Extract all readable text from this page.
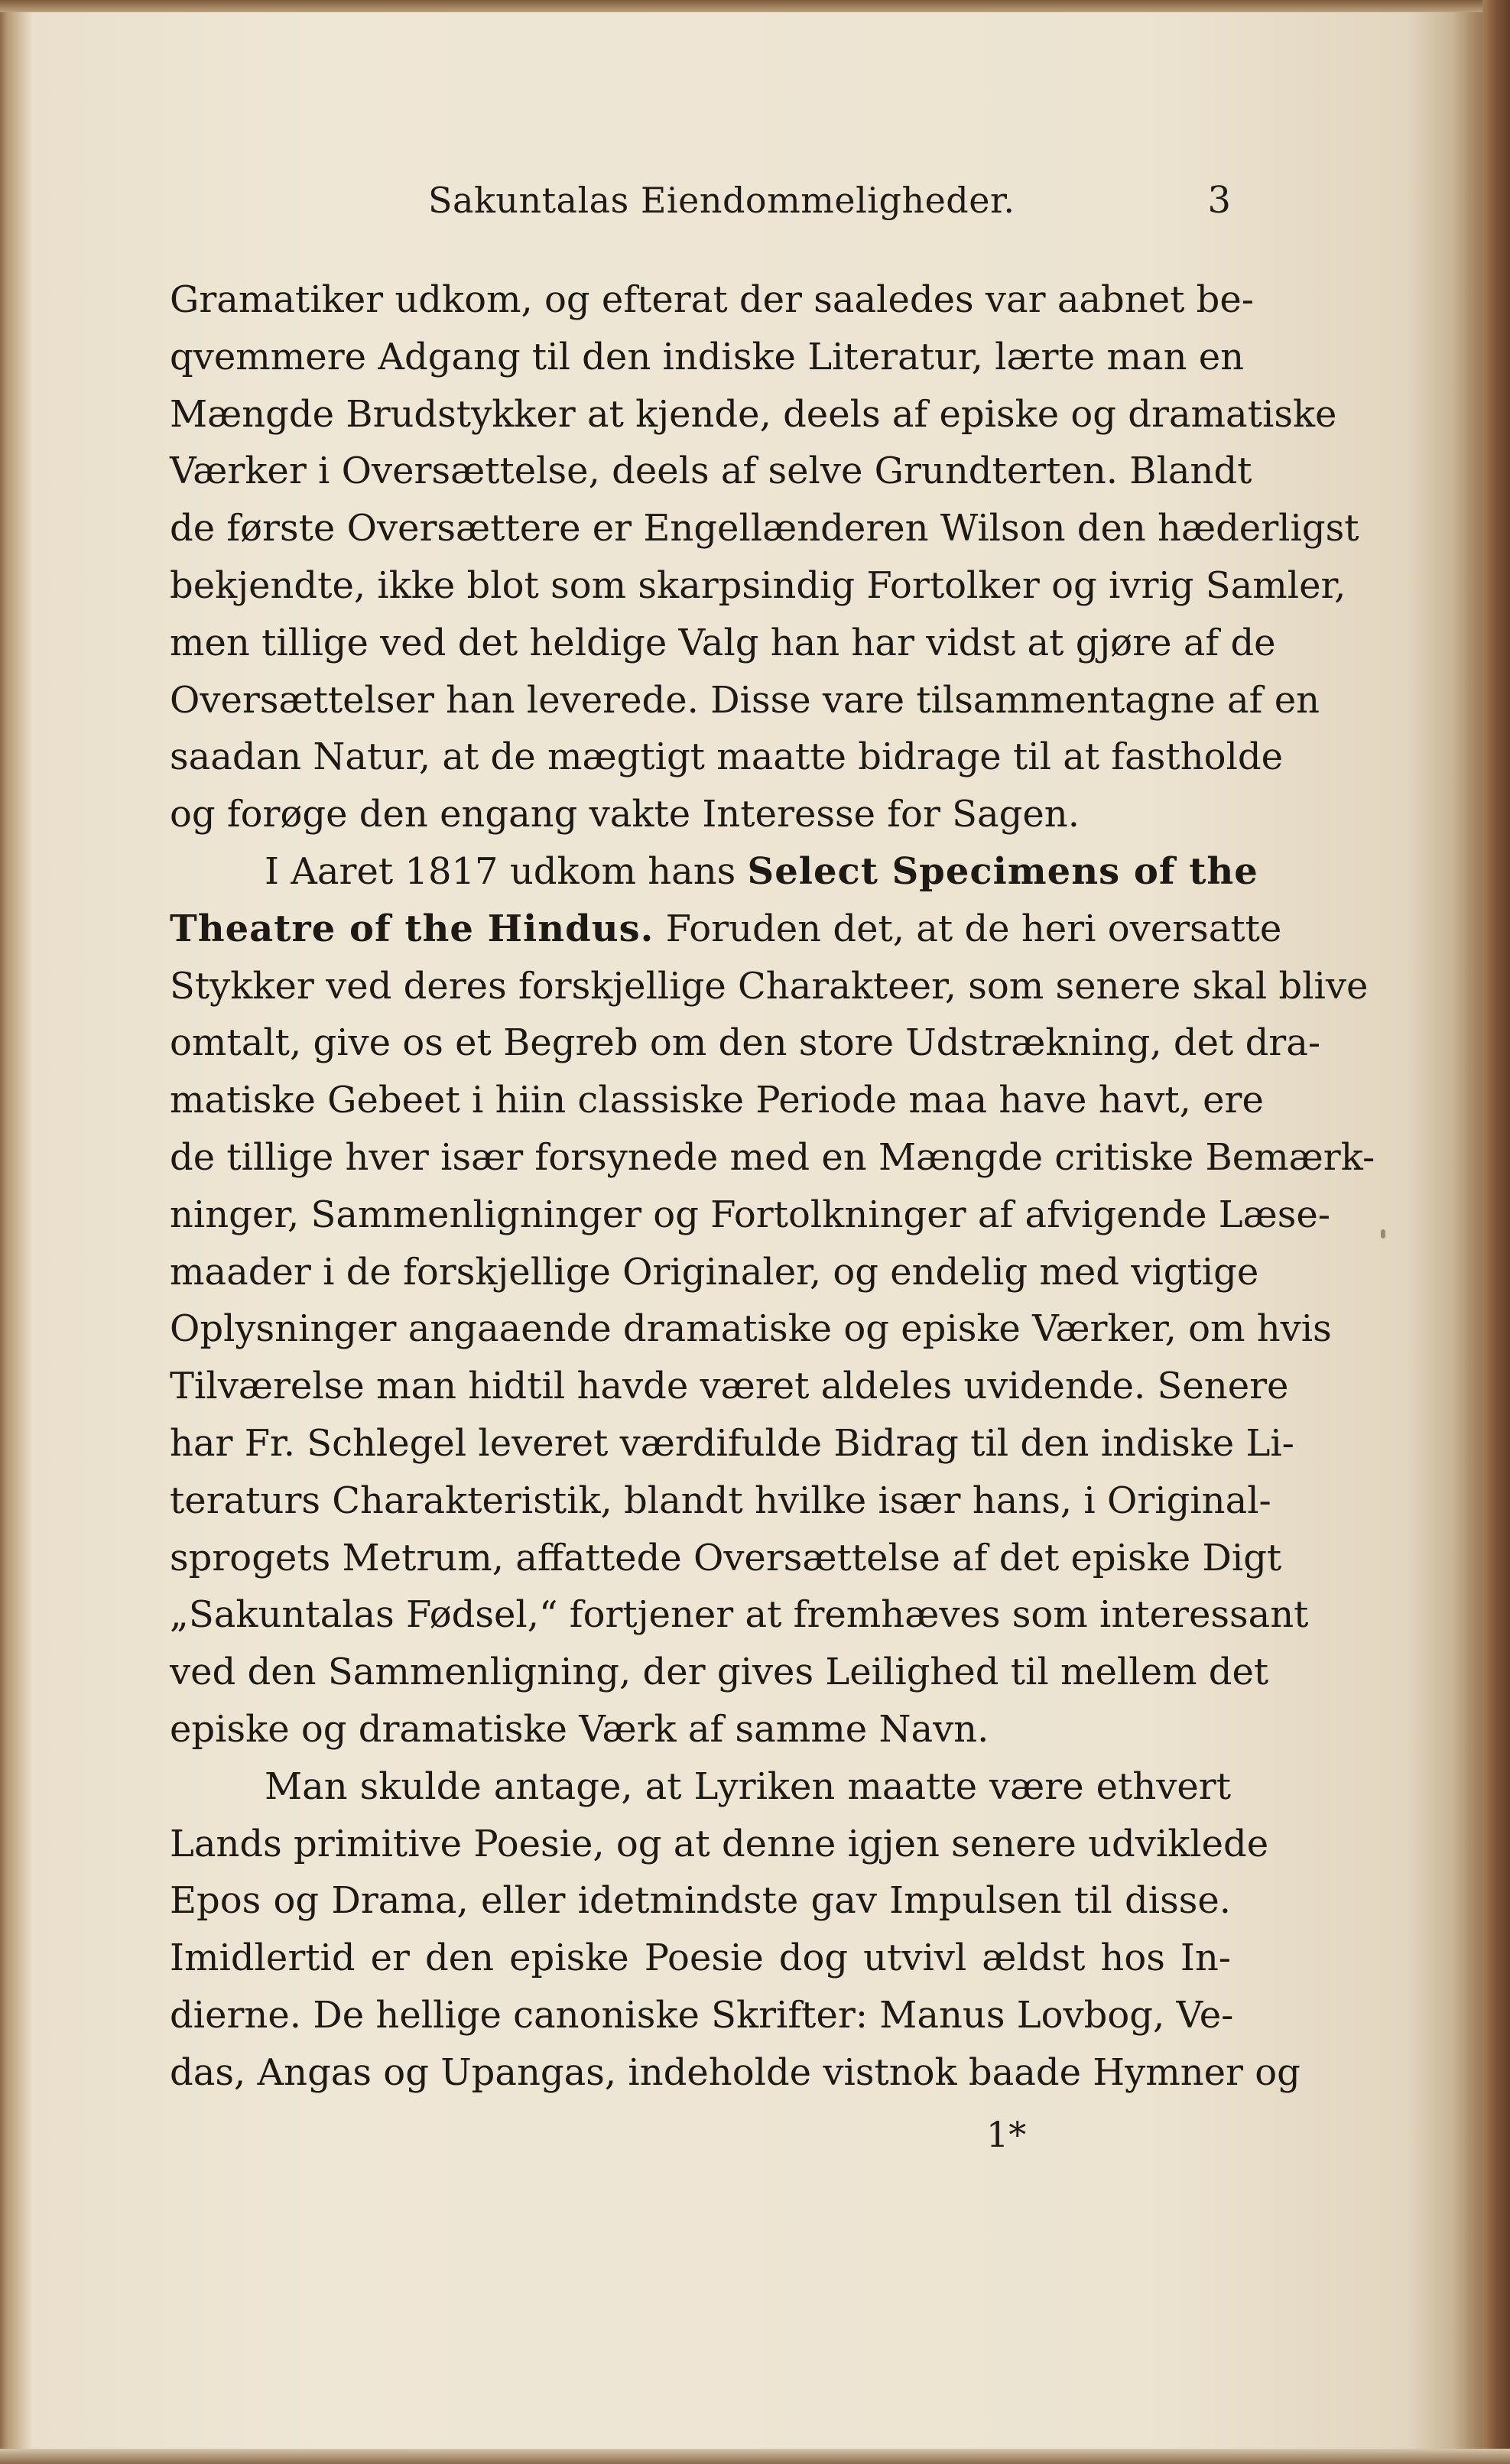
Sakuntalas Eiendommeligheder.	3

Gramatiker udkom, og efterat der saaledes var aabnet be-
qvemmere Adgang til den indiske Literatur, lærte man en
Mængde Brudstykker at kjende, deels af episke og dramatiske
Værker i Oversættelse, deels af selve Grundterten. Blandt
de første Oversættere er Engellænderen Wilson den hæderligst
bekjendte, ikke blot som skarpsindig Fortolker og ivrig Samler,
men tillige ved det heldige Valg han har vidst at gjøre af de
Oversættelser han leverede. Disse vare tilsammentagne af en
saadan Natur, at de mægtigt maatte bidrage til at fastholde
og forøge den engang vakte Interesse for Sagen.

I Aaret 1817 udkom hans Select Specimens of the
Theatre of the Hindus. Foruden det, at de heri oversatte
Stykker ved deres forskjellige Charakteer, som senere skal blive
omtalt, give os et Begreb om den store Udstrækning, det dra-
matiske Gebeet i hiin classiske Periode maa have havt, ere
de tillige hver især forsynede med en Mængde critiske Bemærk-
ninger, Sammenligninger og Fortolkninger af afvigende Læse-
maader i de forskjellige Originaler, og endelig med vigtige
Oplysninger angaaende dramatiske og episke Værker, om hvis
Tilværelse man hidtil havde været aldeles uvidende. Senere
har Fr. Schlegel leveret værdifulde Bidrag til den indiske Li-
teraturs Charakteristik, blandt hvilke især hans, i Original-
sprogets Metrum, affattede Oversættelse af det episke Digt
„Sakuntalas Fødsel,“ fortjener at fremhæves som interessant
ved den Sammenligning, der gives Leilighed til mellem det
episke og dramatiske Værk af samme Navn.

Man skulde antage, at Lyriken maatte være ethvert
Lands primitive Poesie, og at denne igjen senere udviklede
Epos og Drama, eller idetmindste gav Impulsen til disse.
Imidlertid er den episke Poesie dog utvivl ældst hos In-
dierne. De hellige canoniske Skrifter: Manus Lovbog, Ve-
das, Angas og Upangas, indeholde vistnok baade Hymner og

1*
